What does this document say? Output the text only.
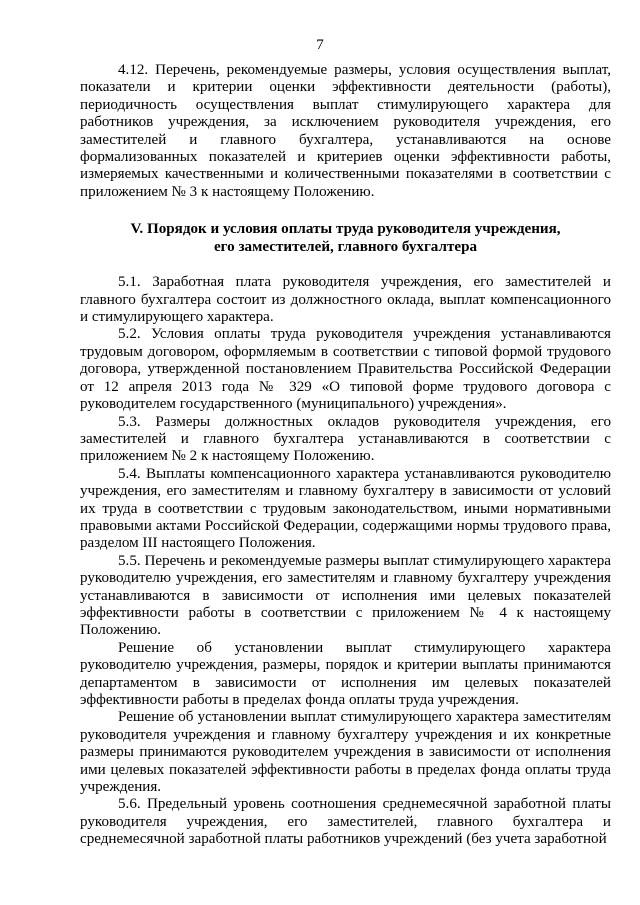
7

4.12. Перечень, рекомендуемые размеры, условия осуществления выплат, показатели и критерии оценки эффективности деятельности (работы), периодичность осуществления выплат стимулирующего характера для работников учреждения, за исключением руководителя учреждения, его заместителей и главного бухгалтера, устанавливаются на основе формализованных показателей и критериев оценки эффективности работы, измеряемых качественными и количественными показателями в соответствии с приложением № 3 к настоящему Положению.

V. Порядок и условия оплаты труда руководителя учреждения,
его заместителей, главного бухгалтера

5.1. Заработная плата руководителя учреждения, его заместителей и главного бухгалтера состоит из должностного оклада, выплат компенсационного и стимулирующего характера.

5.2. Условия оплаты труда руководителя учреждения устанавливаются трудовым договором, оформляемым в соответствии с типовой формой трудового договора, утвержденной постановлением Правительства Российской Федерации от 12 апреля 2013 года № 329 «О типовой форме трудового договора с руководителем государственного (муниципального) учреждения».

5.3. Размеры должностных окладов руководителя учреждения, его заместителей и главного бухгалтера устанавливаются в соответствии с приложением № 2 к настоящему Положению.

5.4. Выплаты компенсационного характера устанавливаются руководителю учреждения, его заместителям и главному бухгалтеру в зависимости от условий их труда в соответствии с трудовым законодательством, иными нормативными правовыми актами Российской Федерации, содержащими нормы трудового права, разделом III настоящего Положения.

5.5. Перечень и рекомендуемые размеры выплат стимулирующего характера руководителю учреждения, его заместителям и главному бухгалтеру учреждения устанавливаются в зависимости от исполнения ими целевых показателей эффективности работы в соответствии с приложением № 4 к настоящему Положению.

Решение об установлении выплат стимулирующего характера руководителю учреждения, размеры, порядок и критерии выплаты принимаются департаментом в зависимости от исполнения им целевых показателей эффективности работы в пределах фонда оплаты труда учреждения.

Решение об установлении выплат стимулирующего характера заместителям руководителя учреждения и главному бухгалтеру учреждения и их конкретные размеры принимаются руководителем учреждения в зависимости от исполнения ими целевых показателей эффективности работы в пределах фонда оплаты труда учреждения.

5.6. Предельный уровень соотношения среднемесячной заработной платы руководителя учреждения, его заместителей, главного бухгалтера и среднемесячной заработной платы работников учреждений (без учета заработной
